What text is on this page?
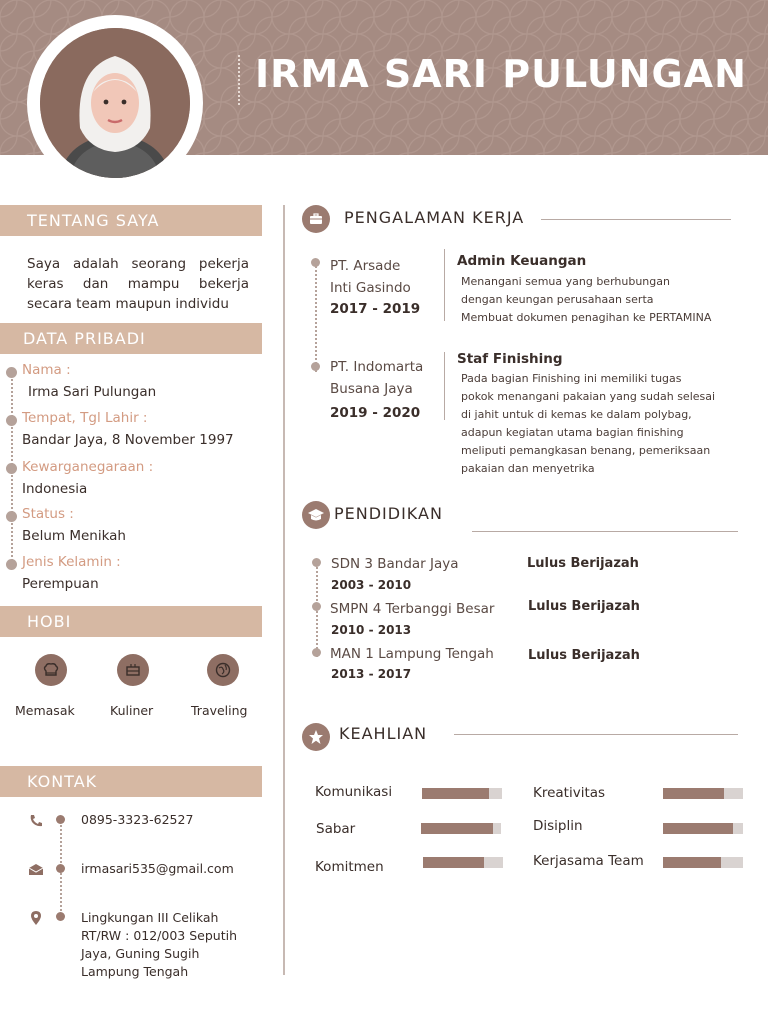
IRMA SARI PULUNGAN
TENTANG SAYA
Saya adalah seorang pekerja keras dan mampu bekerja secara team maupun individu
DATA PRIBADI
Nama :
Irma Sari Pulungan
Tempat, Tgl Lahir :
Bandar Jaya, 8 November 1997
Kewarganegaraan :
Indonesia
Status :
Belum Menikah
Jenis Kelamin :
Perempuan
HOBI
Memasak	Kuliner	Traveling
KONTAK
0895-3323-62527
irmasari535@gmail.com
Lingkungan III Celikah
RT/RW : 012/003 Seputih
Jaya, Guning Sugih
Lampung Tengah
PENGALAMAN KERJA
PT. Arsade
Inti Gasindo
2017 - 2019
Admin Keuangan
Menangani semua yang berhubungan
dengan keungan perusahaan serta
Membuat dokumen penagihan ke PERTAMINA
PT. Indomarta
Busana Jaya
2019 - 2020
Staf Finishing
Pada bagian Finishing ini memiliki tugas
pokok menangani pakaian yang sudah selesai
di jahit untuk di kemas ke dalam polybag,
adapun kegiatan utama bagian finishing
meliputi pemangkasan benang, pemeriksaan
pakaian dan menyetrika
PENDIDIKAN
SDN 3 Bandar Jaya
2003 - 2010
Lulus Berijazah
SMPN 4 Terbanggi Besar
2010 - 2013
Lulus Berijazah
MAN 1 Lampung Tengah
2013 - 2017
Lulus Berijazah
KEAHLIAN
Komunikasi
Sabar
Komitmen
Kreativitas
Disiplin
Kerjasama Team
